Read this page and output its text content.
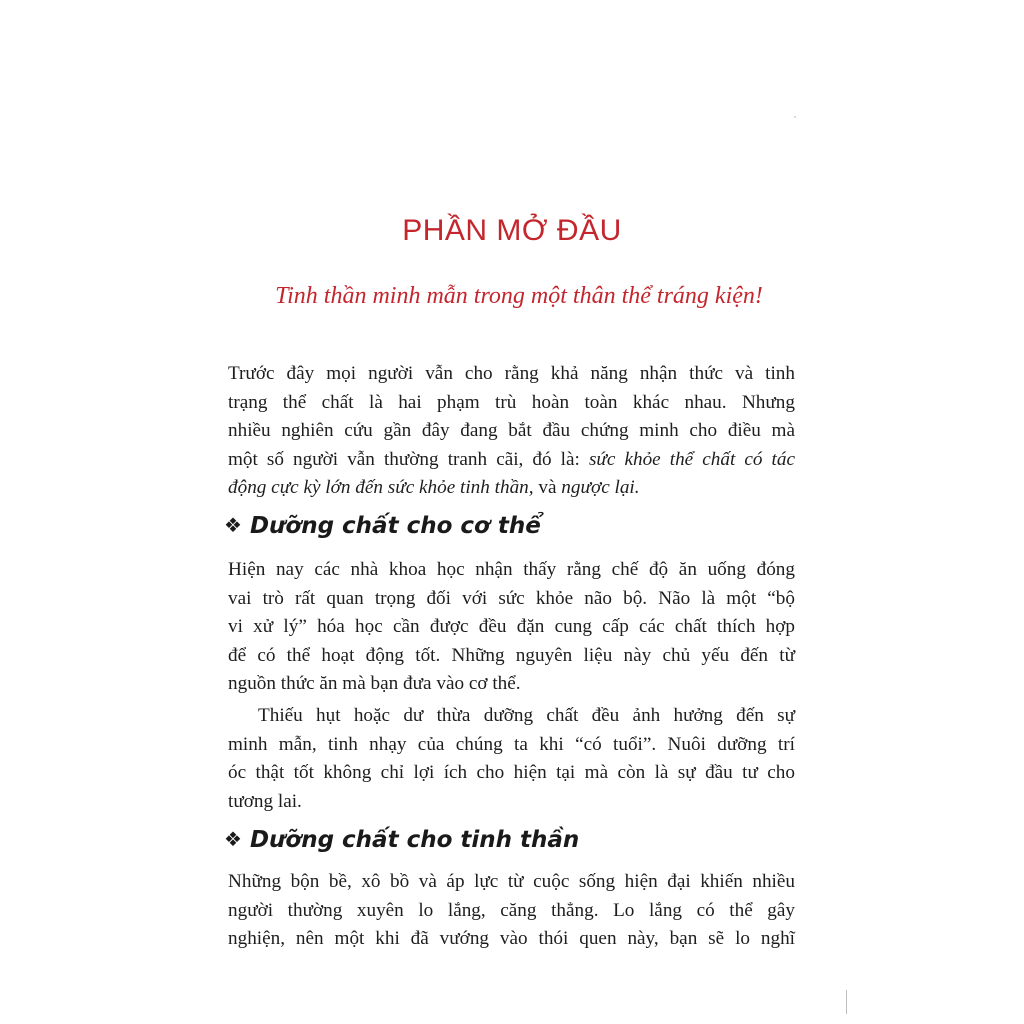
PHẦN MỞ ĐẦU

Tinh thần minh mẫn trong một thân thể tráng kiện!

Trước đây mọi người vẫn cho rằng khả năng nhận thức và tinh
trạng thể chất là hai phạm trù hoàn toàn khác nhau. Nhưng
nhiều nghiên cứu gần đây đang bắt đầu chứng minh cho điều mà
một số người vẫn thường tranh cãi, đó là: sức khỏe thể chất có tác
động cực kỳ lớn đến sức khỏe tinh thần, và ngược lại.
❖ Dưỡng chất cho cơ thể
Hiện nay các nhà khoa học nhận thấy rằng chế độ ăn uống đóng
vai trò rất quan trọng đối với sức khỏe não bộ. Não là một “bộ
vi xử lý” hóa học cần được đều đặn cung cấp các chất thích hợp
để có thể hoạt động tốt. Những nguyên liệu này chủ yếu đến từ
nguồn thức ăn mà bạn đưa vào cơ thể.
Thiếu hụt hoặc dư thừa dưỡng chất đều ảnh hưởng đến sự
minh mẫn, tinh nhạy của chúng ta khi “có tuổi”. Nuôi dưỡng trí
óc thật tốt không chỉ lợi ích cho hiện tại mà còn là sự đầu tư cho
tương lai.
❖ Dưỡng chất cho tinh thần
Những bộn bề, xô bồ và áp lực từ cuộc sống hiện đại khiến nhiều
người thường xuyên lo lắng, căng thẳng. Lo lắng có thể gây
nghiện, nên một khi đã vướng vào thói quen này, bạn sẽ lo nghĩ
